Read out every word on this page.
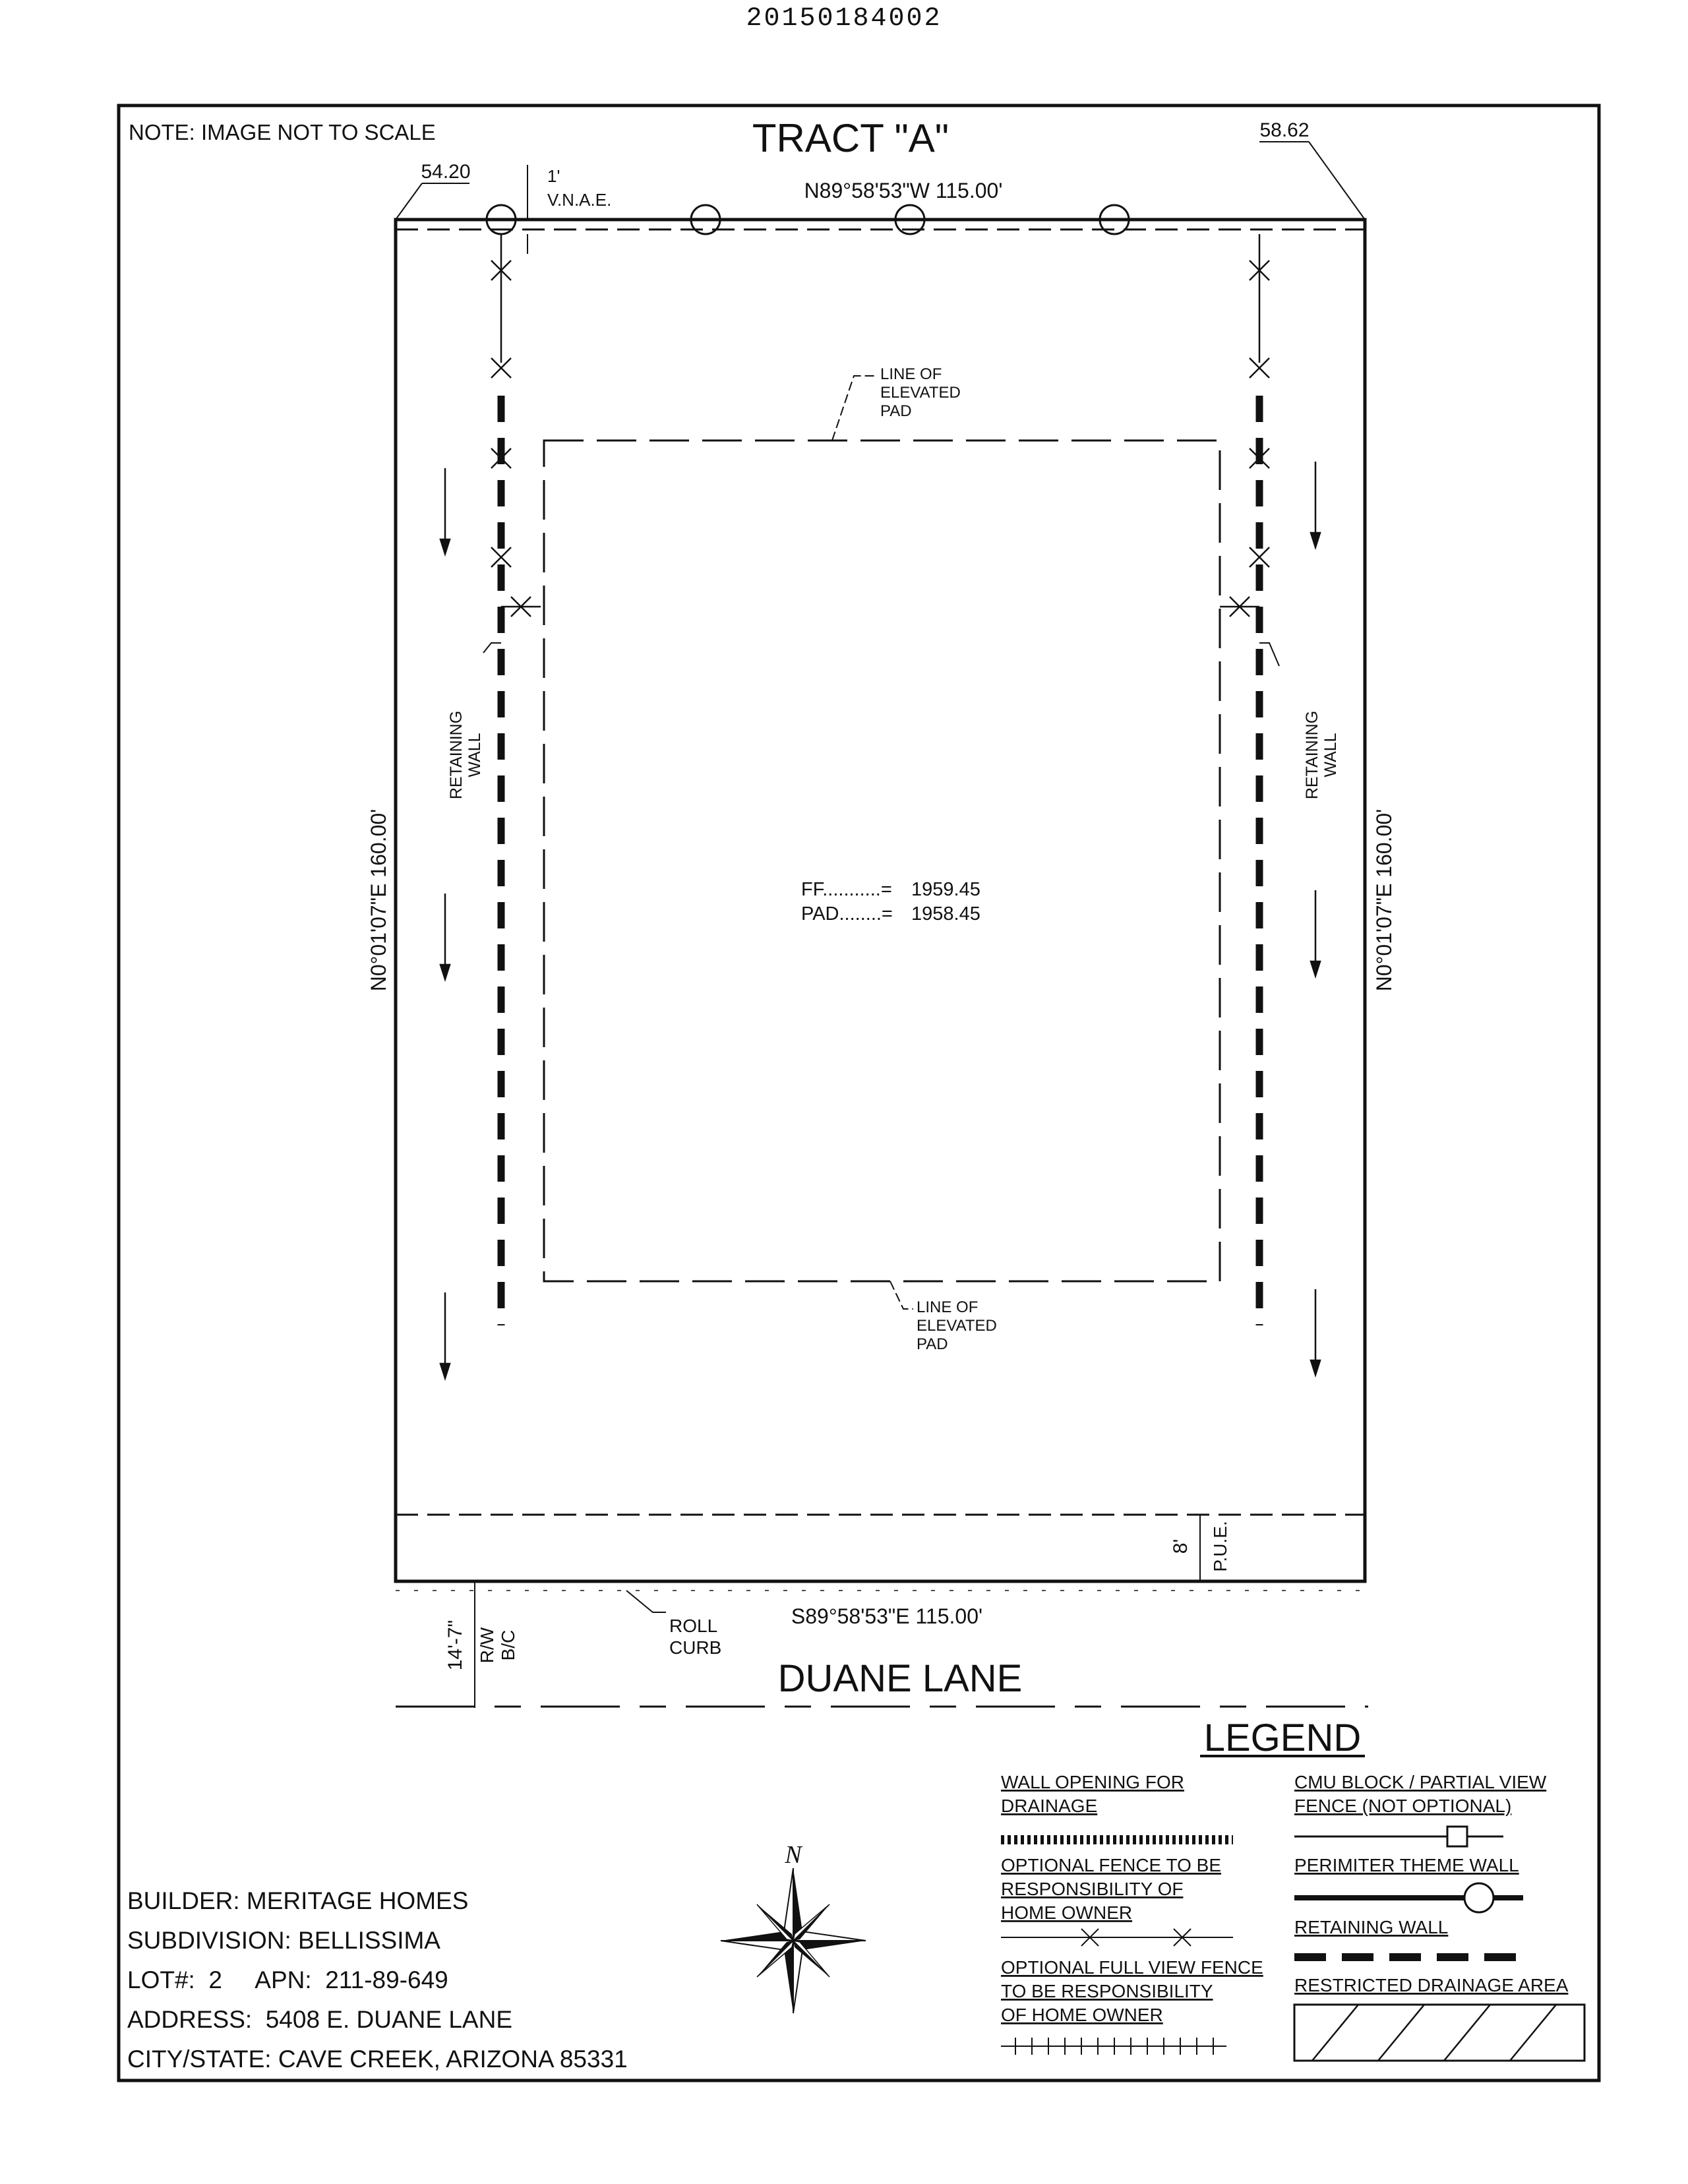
20150184002
NOTE: IMAGE NOT TO SCALE	TRACT "A"
54.20
58.62
1'
V.N.A.E.	N89°58'53"W 115.00'
RETAINING WALL	RETAINING WALL
LINE OF
ELEVATED
PAD
LINE OF
ELEVATED
PAD
FF...........= 1959.45
PAD........= 1958.45
N0°01'07"E 160.00'	N0°01'07"E 160.00'
8' P.U.E.
ROLL
CURB
S89°58'53"E 115.00'
14'-7" R/W B/C
DUANE LANE
LEGEND
WALL OPENING FOR
DRAINAGE
CMU BLOCK / PARTIAL VIEW
FENCE (NOT OPTIONAL)
OPTIONAL FENCE TO BE
RESPONSIBILITY OF
HOME OWNER
PERIMITER THEME WALL
RETAINING WALL
OPTIONAL FULL VIEW FENCE
TO BE RESPONSIBILITY
OF HOME OWNER
RESTRICTED DRAINAGE AREA
N
BUILDER: MERITAGE HOMES
SUBDIVISION: BELLISSIMA
LOT#:  2     APN:  211-89-649
ADDRESS:  5408 E. DUANE LANE
CITY/STATE: CAVE CREEK, ARIZONA 85331
